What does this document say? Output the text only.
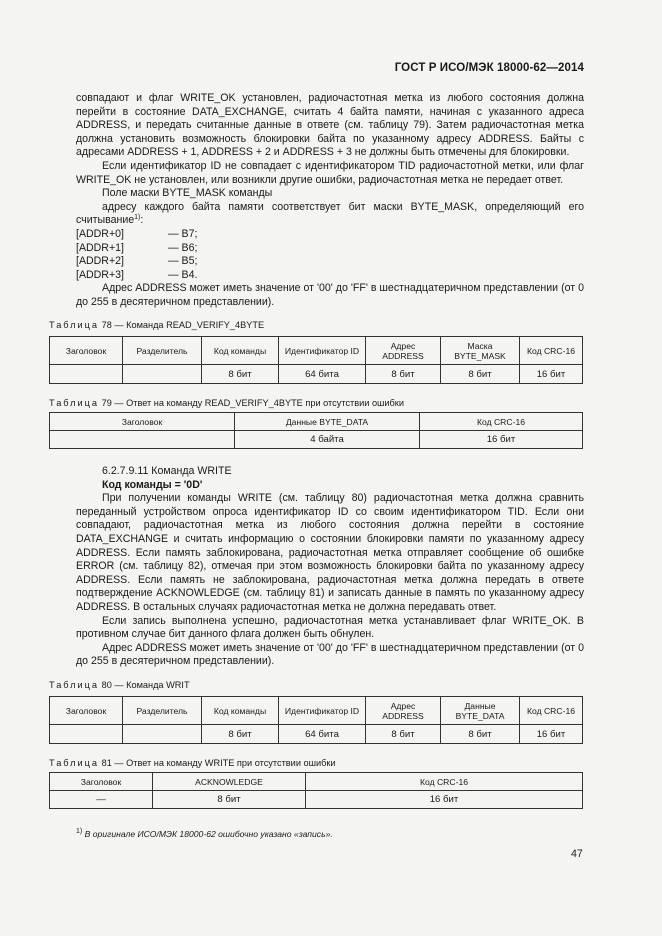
ГОСТ Р ИСО/МЭК 18000-62—2014

совпадают и флаг WRITE_OK установлен, радиочастотная метка из любого состояния должна перейти в состояние DATA_EXCHANGE, считать 4 байта памяти, начиная с указанного адреса ADDRESS, и передать считанные данные в ответе (см. таблицу 79). Затем радиочастотная метка должна установить возможность блокировки байта по указанному адресу ADDRESS. Байты с адресами ADDRESS + 1, ADDRESS + 2 и ADDRESS + 3 не должны быть отмечены для блокировки.

Если идентификатор ID не совпадает с идентификатором TID радиочастотной метки, или флаг WRITE_OK не установлен, или возникли другие ошибки, радиочастотная метка не передает ответ.

Поле маски BYTE_MASK команды

адресу каждого байта памяти соответствует бит маски BYTE_MASK, определяющий его считывание$^{1)}$:

[ADDR+0]	— B7;
[ADDR+1]	— B6;
[ADDR+2]	— B5;
[ADDR+3]	— B4.

Адрес ADDRESS может иметь значение от '00' до 'FF' в шестнадцатеричном представлении (от 0 до 255 в десятеричном представлении).

Таблица 78 — Команда READ_VERIFY_4BYTE

Заголовок	Разделитель	Код команды	Идентификатор ID	Адрес ADDRESS	Маска BYTE_MASK	Код CRC-16
		8 бит	64 бита	8 бит	8 бит	16 бит

Таблица 79 — Ответ на команду READ_VERIFY_4BYTE при отсутствии ошибки

Заголовок	Данные BYTE_DATA	Код CRC-16
	4 байта	16 бит

6.2.7.9.11 Команда WRITE

Код команды = '0D'

При получении команды WRITE (см. таблицу 80) радиочастотная метка должна сравнить переданный устройством опроса идентификатор ID со своим идентификатором TID. Если они совпадают, радиочастотная метка из любого состояния должна перейти в состояние DATA_EXCHANGE и считать информацию о состоянии блокировки памяти по указанному адресу ADDRESS. Если память заблокирована, радиочастотная метка отправляет сообщение об ошибке ERROR (см. таблицу 82), отмечая при этом возможность блокировки байта по указанному адресу ADDRESS. Если память не заблокирована, радиочастотная метка должна передать в ответе подтверждение ACKNOWLEDGE (см. таблицу 81) и записать данные в память по указанному адресу ADDRESS. В остальных случаях радиочастотная метка не должна передавать ответ.

Если запись выполнена успешно, радиочастотная метка устанавливает флаг WRITE_OK. В противном случае бит данного флага должен быть обнулен.

Адрес ADDRESS может иметь значение от '00' до 'FF' в шестнадцатеричном представлении (от 0 до 255 в десятеричном представлении).

Таблица 80 — Команда WRIT

Заголовок	Разделитель	Код команды	Идентификатор ID	Адрес ADDRESS	Данные BYTE_DATA	Код CRC-16
		8 бит	64 бита	8 бит	8 бит	16 бит

Таблица 81 — Ответ на команду WRITE при отсутствии ошибки

Заголовок	ACKNOWLEDGE	Код CRC-16
—	8 бит	16 бит
$^{1)}$ В оригинале ИСО/МЭК 18000-62 ошибочно указано «запись».
47
